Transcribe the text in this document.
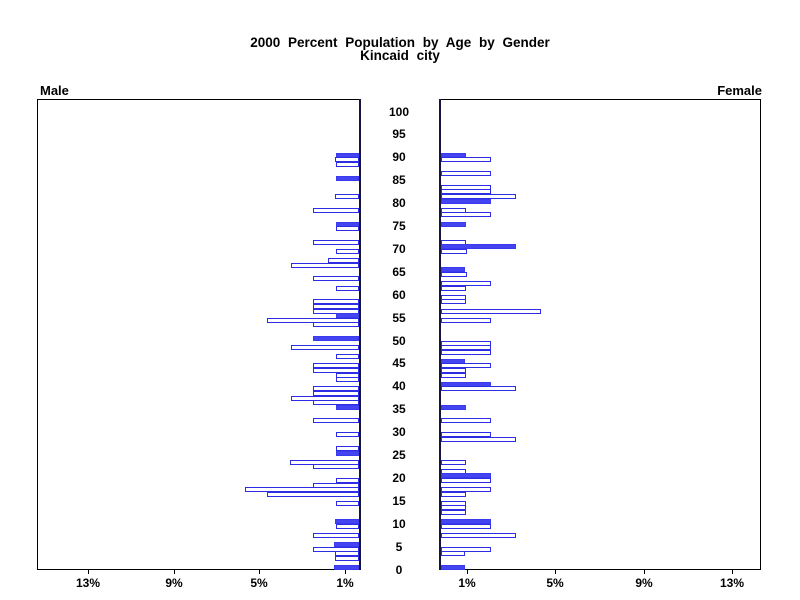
2000 Percent Population by Age by Gender
Kincaid city
Male	Female
100
95
90
85
80
75
70
65
60
55
50
45
40
35
30
25
20
15
10
5
0
13%	9%	5%	1%	1%	5%	9%	13%
